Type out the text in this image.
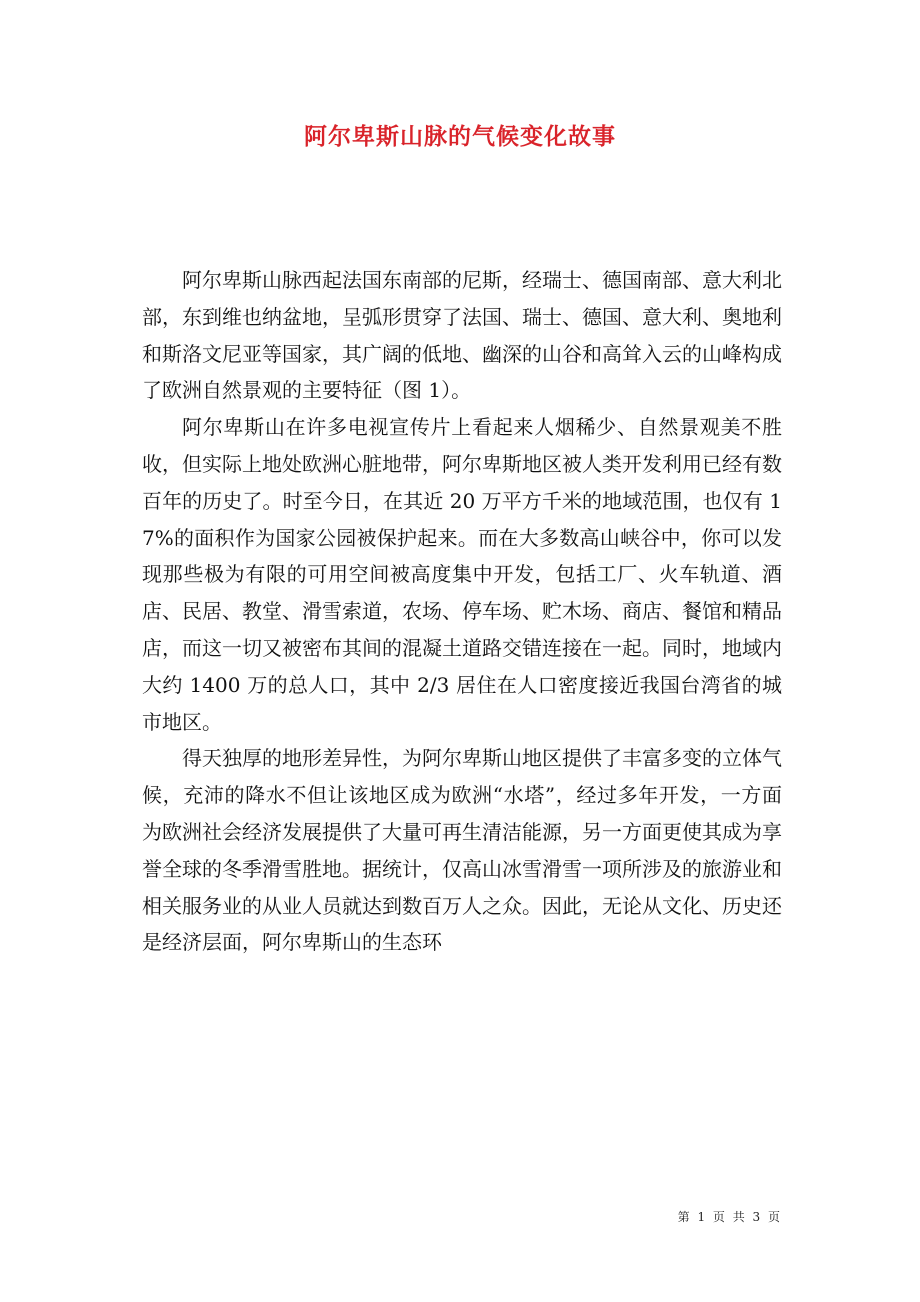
阿尔卑斯山脉的气候变化故事

阿尔卑斯山脉西起法国东南部的尼斯，经瑞士、德国南部、意大利北部，东到维也纳盆地，呈弧形贯穿了法国、瑞士、德国、意大利、奥地利和斯洛文尼亚等国家，其广阔的低地、幽深的山谷和高耸入云的山峰构成了欧洲自然景观的主要特征（图 1）。

阿尔卑斯山在许多电视宣传片上看起来人烟稀少、自然景观美不胜收，但实际上地处欧洲心脏地带，阿尔卑斯地区被人类开发利用已经有数百年的历史了。时至今日，在其近 20 万平方千米的地域范围，也仅有 17%的面积作为国家公园被保护起来。而在大多数高山峡谷中，你可以发现那些极为有限的可用空间被高度集中开发，包括工厂、火车轨道、酒店、民居、教堂、滑雪索道，农场、停车场、贮木场、商店、餐馆和精品店，而这一切又被密布其间的混凝土道路交错连接在一起。同时，地域内大约 1400 万的总人口，其中 2/3 居住在人口密度接近我国台湾省的城市地区。

得天独厚的地形差异性，为阿尔卑斯山地区提供了丰富多变的立体气候，充沛的降水不但让该地区成为欧洲“水塔”，经过多年开发，一方面为欧洲社会经济发展提供了大量可再生清洁能源，另一方面更使其成为享誉全球的冬季滑雪胜地。据统计，仅高山冰雪滑雪一项所涉及的旅游业和相关服务业的从业人员就达到数百万人之众。因此，无论从文化、历史还是经济层面，阿尔卑斯山的生态环

第 1 页 共 3 页
